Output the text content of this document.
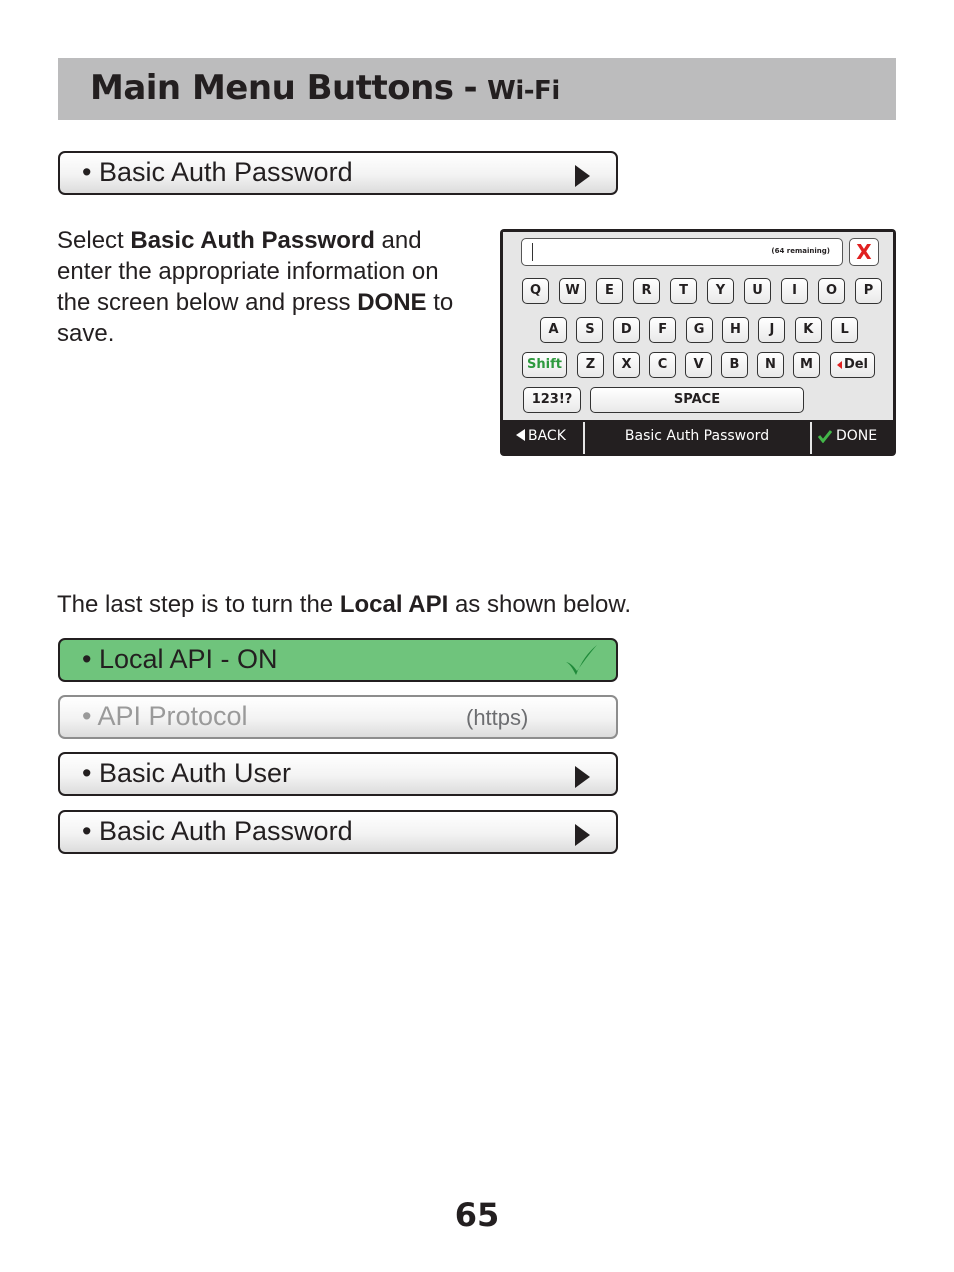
Main Menu Buttons - Wi-Fi
• Basic Auth Password
Select Basic Auth Password and enter the appropriate information on the screen below and press DONE to save.
(64 remaining)	X
Q	W	E	R	T	Y	U	I	O	P
A	S	D	F	G	H	J	K	L
Shift	Z	X	C	V	B	N	M	Del
123!?	SPACE
BACK	Basic Auth Password	DONE
The last step is to turn the Local API as shown below.
• Local API - ON
• API Protocol	(https)
• Basic Auth User
• Basic Auth Password
65
